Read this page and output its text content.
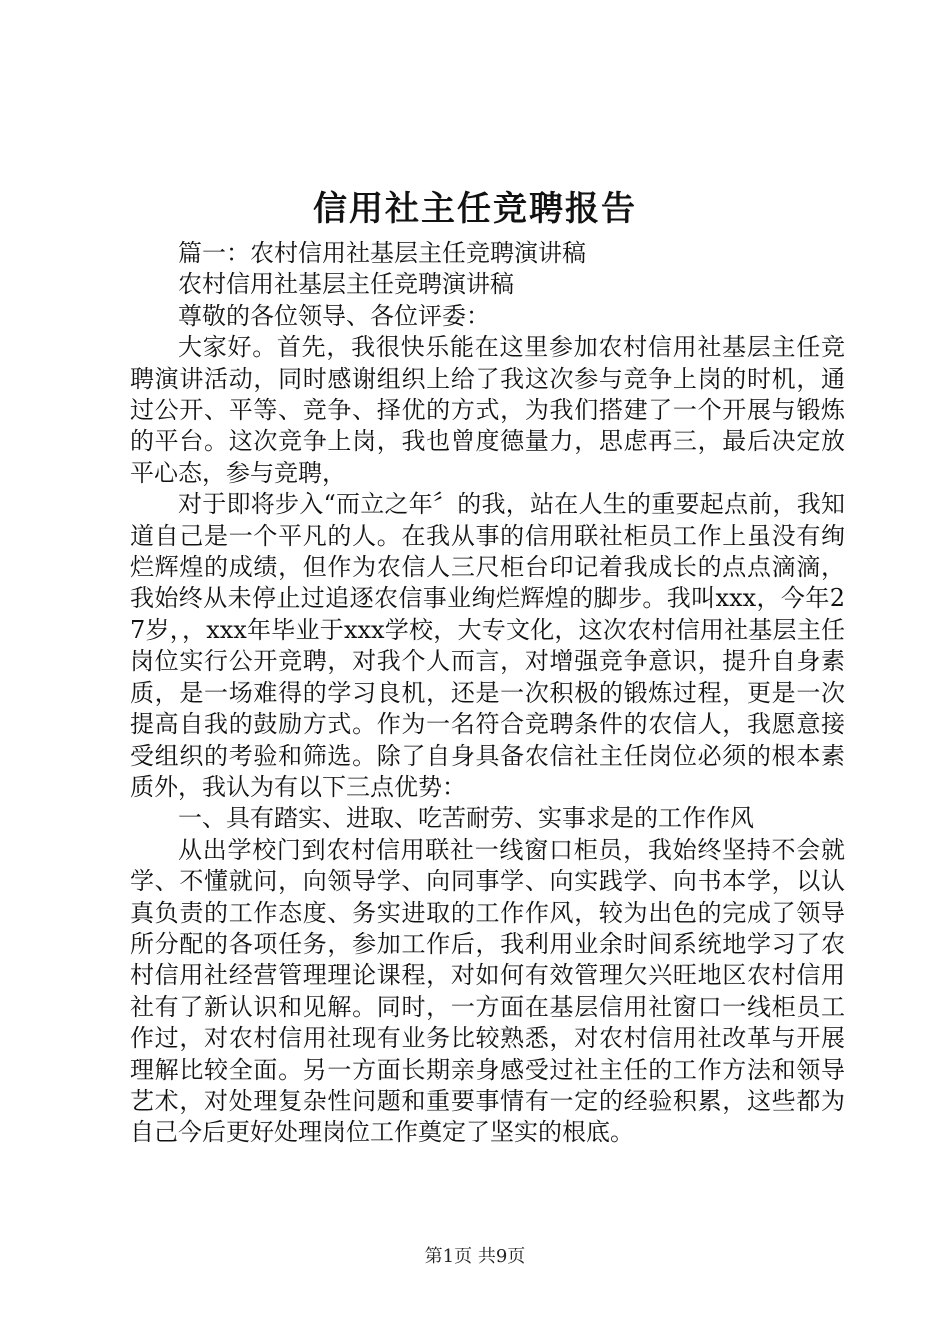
信用社主任竞聘报告

篇一：农村信用社基层主任竞聘演讲稿

农村信用社基层主任竞聘演讲稿

尊敬的各位领导、各位评委：

大家好。首先，我很快乐能在这里参加农村信用社基层主任竞聘演讲活动，同时感谢组织上给了我这次参与竞争上岗的时机，通过公开、平等、竞争、择优的方式，为我们搭建了一个开展与锻炼的平台。这次竞争上岗，我也曾度德量力，思虑再三，最后决定放平心态，参与竞聘，

对于即将步入“而立之年〞的我，站在人生的重要起点前，我知道自己是一个平凡的人。在我从事的信用联社柜员工作上虽没有绚烂辉煌的成绩，但作为农信人三尺柜台印记着我成长的点点滴滴，我始终从未停止过追逐农信事业绚烂辉煌的脚步。我叫xxx，今年27岁，，xxx年毕业于xxx学校，大专文化，这次农村信用社基层主任岗位实行公开竞聘，对我个人而言，对增强竞争意识，提升自身素质，是一场难得的学习良机，还是一次积极的锻炼过程，更是一次提高自我的鼓励方式。作为一名符合竞聘条件的农信人，我愿意接受组织的考验和筛选。除了自身具备农信社主任岗位必须的根本素质外，我认为有以下三点优势：

一、具有踏实、进取、吃苦耐劳、实事求是的工作作风

从出学校门到农村信用联社一线窗口柜员，我始终坚持不会就学、不懂就问，向领导学、向同事学、向实践学、向书本学，以认真负责的工作态度、务实进取的工作作风，较为出色的完成了领导所分配的各项任务，参加工作后，我利用业余时间系统地学习了农村信用社经营管理理论课程，对如何有效管理欠兴旺地区农村信用社有了新认识和见解。同时，一方面在基层信用社窗口一线柜员工作过，对农村信用社现有业务比较熟悉，对农村信用社改革与开展理解比较全面。另一方面长期亲身感受过社主任的工作方法和领导艺术，对处理复杂性问题和重要事情有一定的经验积累，这些都为自己今后更好处理岗位工作奠定了坚实的根底。

第1页 共9页
